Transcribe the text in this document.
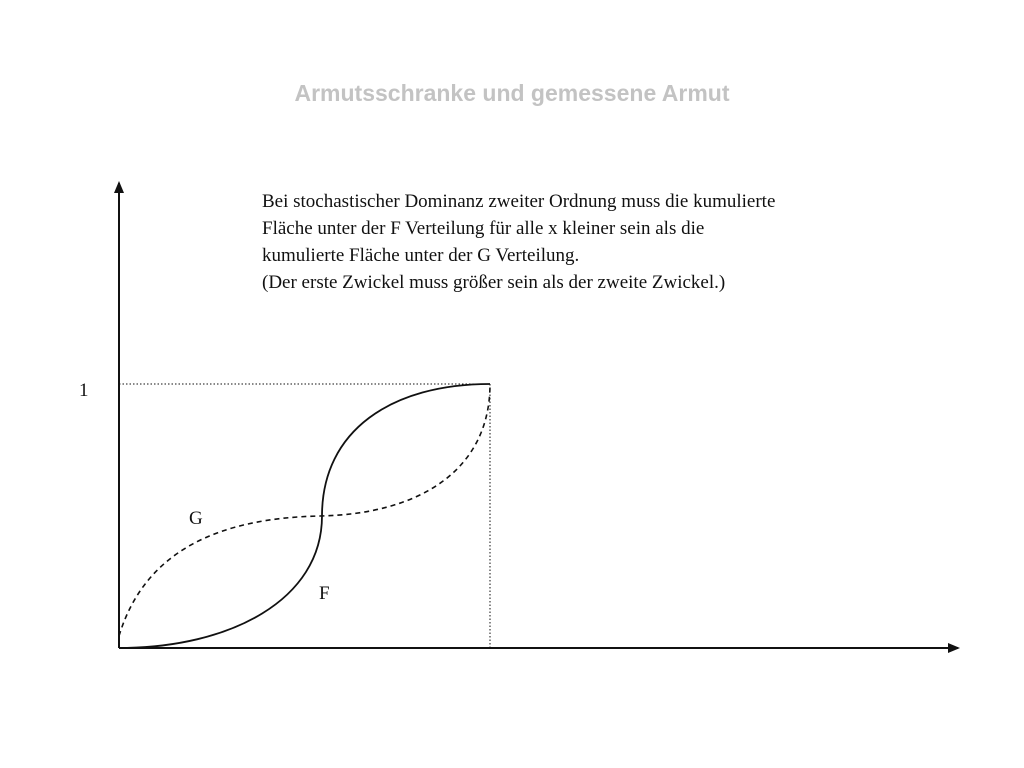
Armutsschranke und gemessene Armut
Bei stochastischer Dominanz zweiter Ordnung muss die kumulierte
Fläche unter der F Verteilung für alle x kleiner sein als die
kumulierte Fläche unter der G Verteilung.
(Der erste Zwickel muss größer sein als der zweite Zwickel.)
1
G
F
